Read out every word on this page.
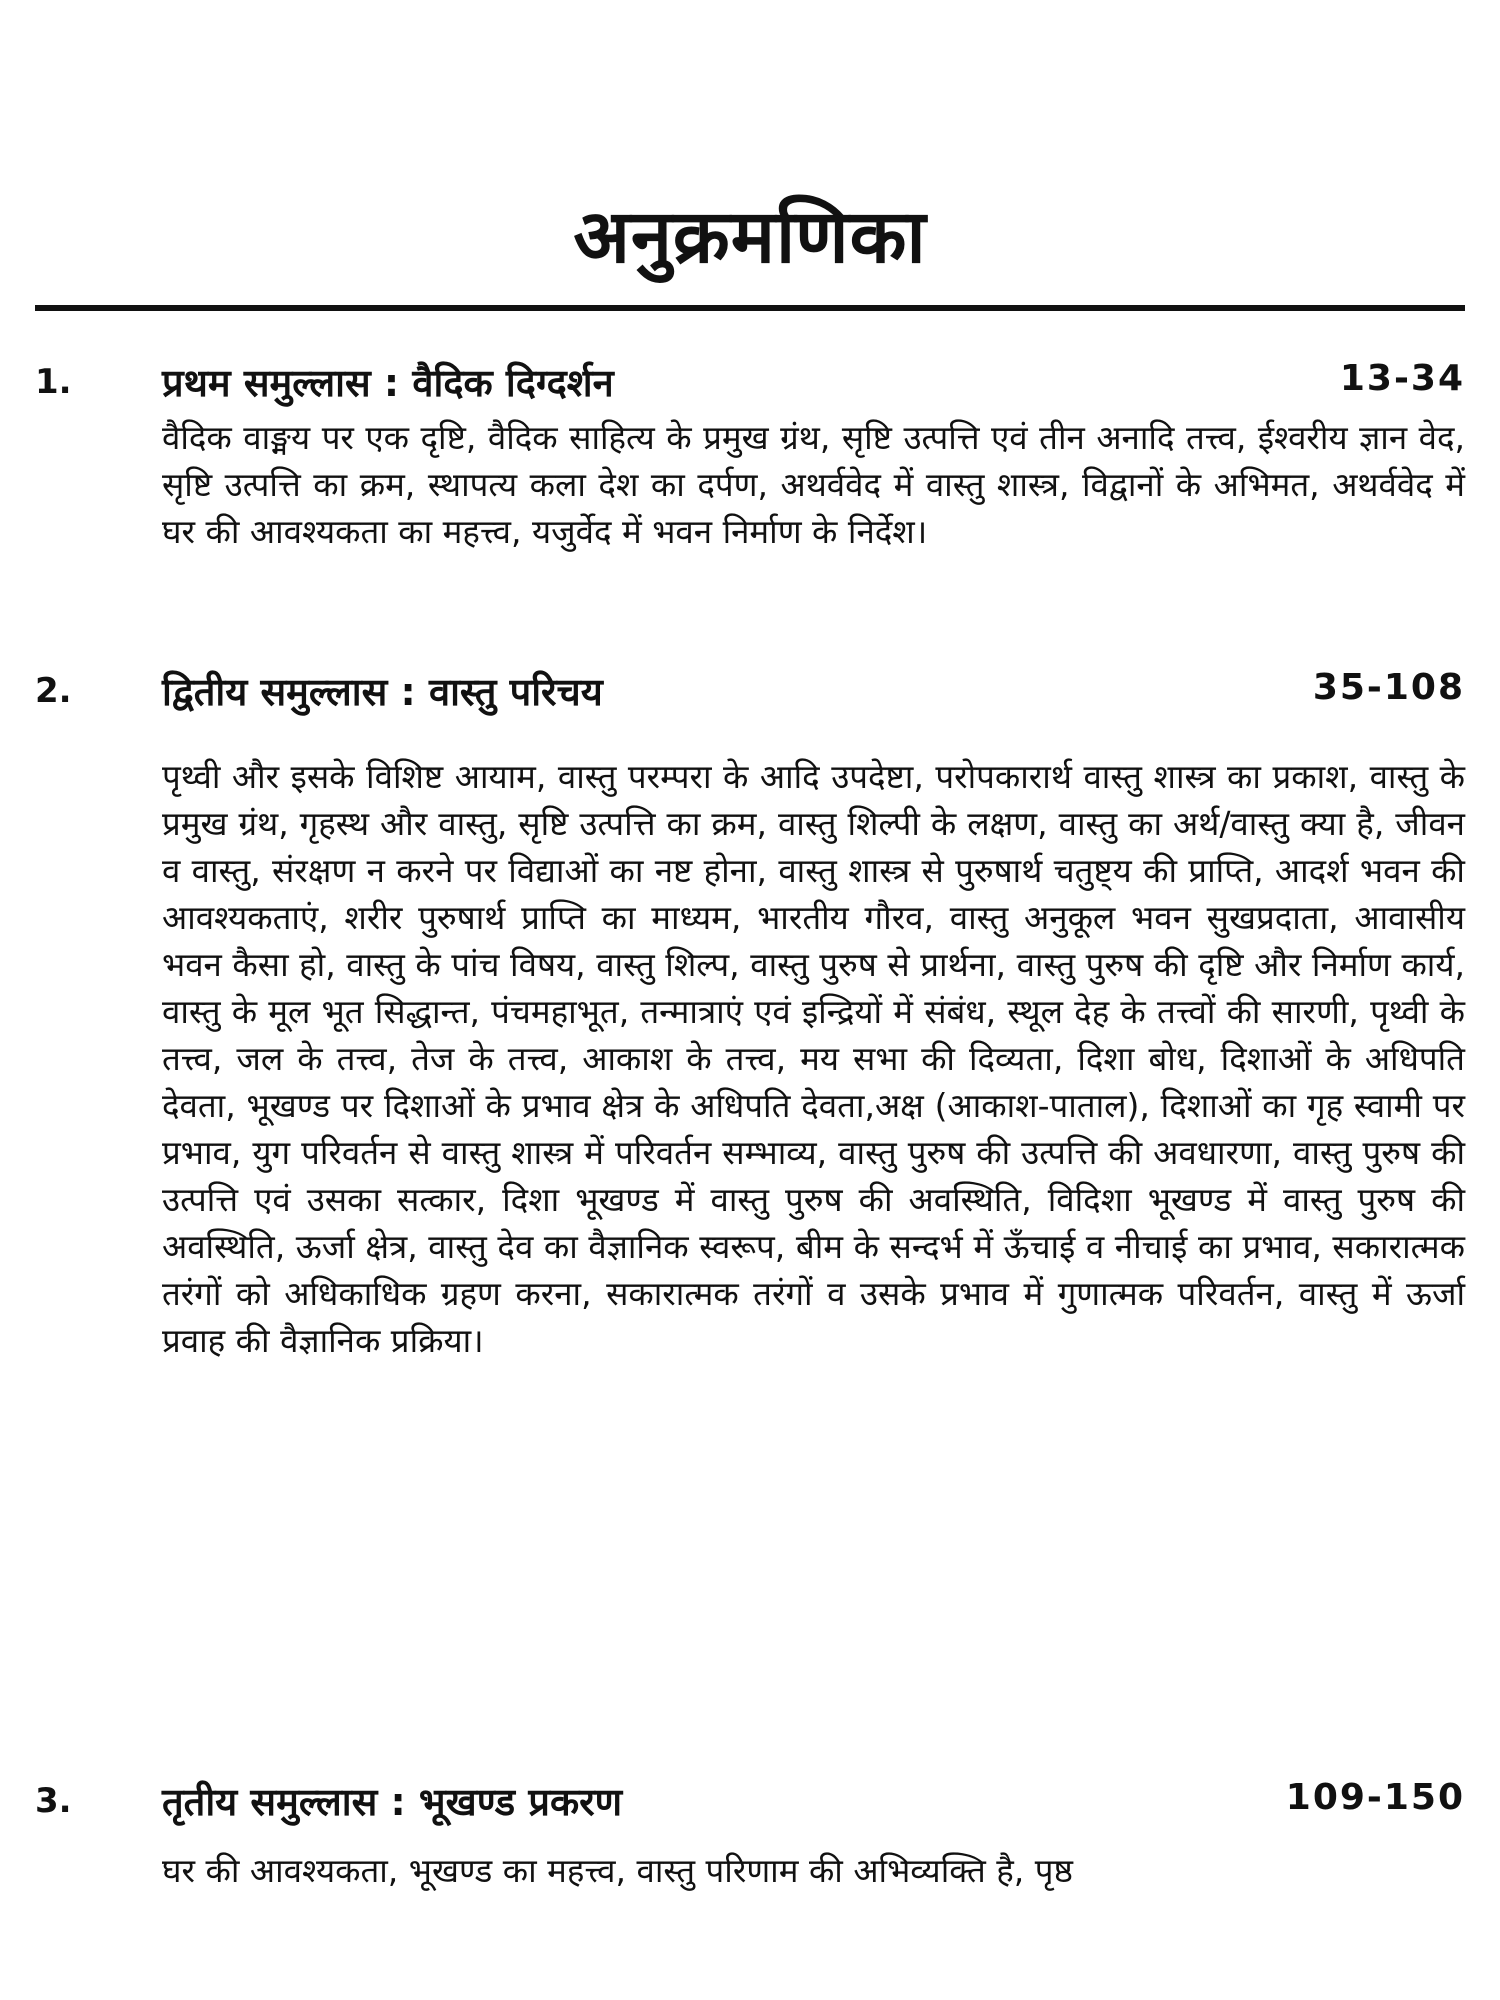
अनुक्रमणिका
1. प्रथम समुल्लास : वैदिक दिग्दर्शन	13-34
वैदिक वाङ्मय पर एक दृष्टि, वैदिक साहित्य के प्रमुख ग्रंथ, सृष्टि उत्पत्ति एवं तीन अनादि तत्त्व, ईश्वरीय ज्ञान वेद, सृष्टि उत्पत्ति का क्रम, स्थापत्य कला देश का दर्पण, अथर्ववेद में वास्तु शास्त्र, विद्वानों के अभिमत, अथर्ववेद में घर की आवश्यकता का महत्त्व, यजुर्वेद में भवन निर्माण के निर्देश।
2. द्वितीय समुल्लास : वास्तु परिचय	35-108
पृथ्वी और इसके विशिष्ट आयाम, वास्तु परम्परा के आदि उपदेष्टा, परोपकारार्थ वास्तु शास्त्र का प्रकाश, वास्तु के प्रमुख ग्रंथ, गृहस्थ और वास्तु, सृष्टि उत्पत्ति का क्रम, वास्तु शिल्पी के लक्षण, वास्तु का अर्थ/वास्तु क्या है, जीवन व वास्तु, संरक्षण न करने पर विद्याओं का नष्ट होना, वास्तु शास्त्र से पुरुषार्थ चतुष्ट्य की प्राप्ति, आदर्श भवन की आवश्यकताएं, शरीर पुरुषार्थ प्राप्ति का माध्यम, भारतीय गौरव, वास्तु अनुकूल भवन सुखप्रदाता, आवासीय भवन कैसा हो, वास्तु के पांच विषय, वास्तु शिल्प, वास्तु पुरुष से प्रार्थना, वास्तु पुरुष की दृष्टि और निर्माण कार्य, वास्तु के मूल भूत सिद्धान्त, पंचमहाभूत, तन्मात्राएं एवं इन्द्रियों में संबंध, स्थूल देह के तत्त्वों की सारणी, पृथ्वी के तत्त्व, जल के तत्त्व, तेज के तत्त्व, आकाश के तत्त्व, मय सभा की दिव्यता, दिशा बोध, दिशाओं के अधिपति देवता, भूखण्ड पर दिशाओं के प्रभाव क्षेत्र के अधिपति देवता,अक्ष (आकाश-पाताल), दिशाओं का गृह स्वामी पर प्रभाव, युग परिवर्तन से वास्तु शास्त्र में परिवर्तन सम्भाव्य, वास्तु पुरुष की उत्पत्ति की अवधारणा, वास्तु पुरुष की उत्पत्ति एवं उसका सत्कार, दिशा भूखण्ड में वास्तु पुरुष की अवस्थिति, विदिशा भूखण्ड में वास्तु पुरुष की अवस्थिति, ऊर्जा क्षेत्र, वास्तु देव का वैज्ञानिक स्वरूप, बीम के सन्दर्भ में ऊँचाई व नीचाई का प्रभाव, सकारात्मक तरंगों को अधिकाधिक ग्रहण करना, सकारात्मक तरंगों व उसके प्रभाव में गुणात्मक परिवर्तन, वास्तु में ऊर्जा प्रवाह की वैज्ञानिक प्रक्रिया।
3. तृतीय समुल्लास : भूखण्ड प्रकरण	109-150
घर की आवश्यकता, भूखण्ड का महत्त्व, वास्तु परिणाम की अभिव्यक्ति है, पृष्ठ
